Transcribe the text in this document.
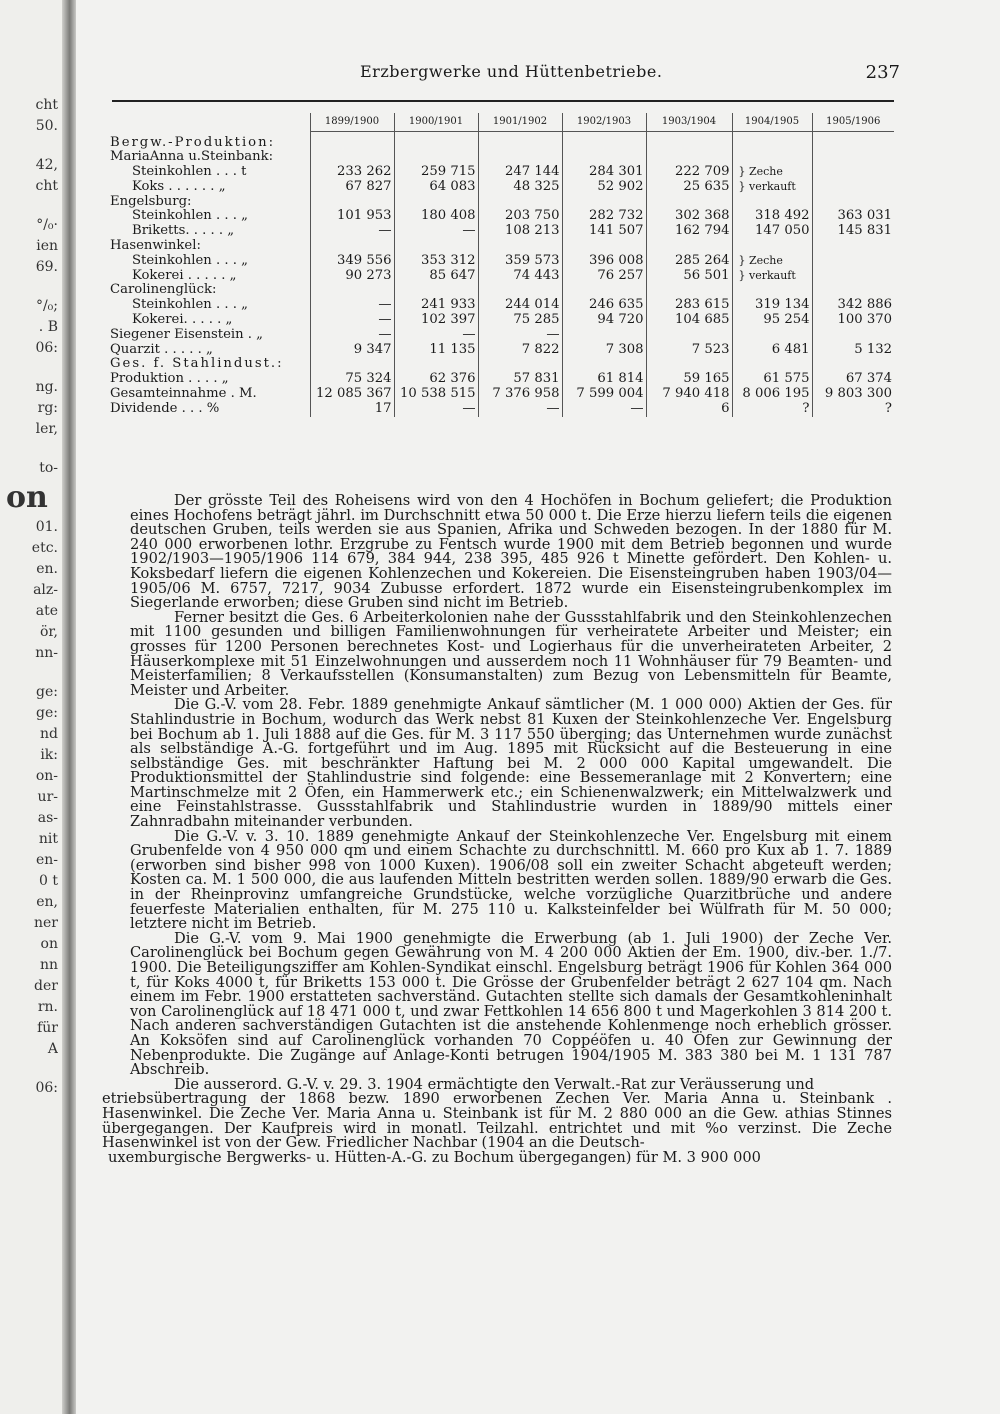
cht
50.
42,
cht
°/₀·
ien
69.
°/₀;
. B
06:
ng.
rg:
ler,
to-
on
01.
etc.
en.
alz-
ate
ör,
nn-
ge:
ge:
nd
ik:
on-
ur-
as-
nit
en-
0 t
en,
ner
on
nn
der
rn.
für
A
06:
Erzbergwerke und Hüttenbetriebe.	237
	1899/1900	1900/1901	1901/1902	1902/1903	1903/1904	1904/1905	1905/1906
Bergw.-Produktion:							
MariaAnna u.Steinbank:							
Steinkohlen . . . t	233 262	259 715	247 144	284 301	222 709	} Zeche	
Koks . . . . . . „	67 827	64 083	48 325	52 902	25 635	} verkauft	
Engelsburg:							
Steinkohlen . . . „	101 953	180 408	203 750	282 732	302 368	318 492	363 031
Briketts. . . . . „	—	—	108 213	141 507	162 794	147 050	145 831
Hasenwinkel:							
Steinkohlen . . . „	349 556	353 312	359 573	396 008	285 264	} Zeche	
Kokerei . . . . . „	90 273	85 647	74 443	76 257	56 501	} verkauft	
Carolinenglück:							
Steinkohlen . . . „	—	241 933	244 014	246 635	283 615	319 134	342 886
Kokerei. . . . . „	—	102 397	75 285	94 720	104 685	95 254	100 370
Siegener Eisenstein . „	—	—	—				
Quarzit . . . . . „	9 347	11 135	7 822	7 308	7 523	6 481	5 132
Ges. f. Stahlindust.:							
Produktion . . . . „	75 324	62 376	57 831	61 814	59 165	61 575	67 374
Gesamteinnahme . M.	12 085 367	10 538 515	7 376 958	7 599 004	7 940 418	8 006 195	9 803 300
Dividende . . . %	17	—	—	—	6	?	?

Der grösste Teil des Roheisens wird von den 4 Hochöfen in Bochum geliefert; die Produktion eines Hochofens beträgt jährl. im Durchschnitt etwa 50 000 t. Die Erze hierzu liefern teils die eigenen deutschen Gruben, teils werden sie aus Spanien, Afrika und Schweden bezogen. In der 1880 für M. 240 000 erworbenen lothr. Erzgrube zu Fentsch wurde 1900 mit dem Betrieb begonnen und wurde 1902/1903—1905/1906 114 679, 384 944, 238 395, 485 926 t Minette gefördert. Den Kohlen- u. Koksbedarf liefern die eigenen Kohlenzechen und Kokereien. Die Eisensteingruben haben 1903/04—1905/06 M. 6757, 7217, 9034 Zubusse erfordert. 1872 wurde ein Eisensteingrubenkomplex im Siegerlande erworben; diese Gruben sind nicht im Betrieb.

Ferner besitzt die Ges. 6 Arbeiterkolonien nahe der Gussstahlfabrik und den Steinkohlenzechen mit 1100 gesunden und billigen Familienwohnungen für verheiratete Arbeiter und Meister; ein grosses für 1200 Personen berechnetes Kost- und Logierhaus für die unverheirateten Arbeiter, 2 Häuserkomplexe mit 51 Einzelwohnungen und ausserdem noch 11 Wohnhäuser für 79 Beamten- und Meisterfamilien; 8 Verkaufsstellen (Konsumanstalten) zum Bezug von Lebensmitteln für Beamte, Meister und Arbeiter.

Die G.-V. vom 28. Febr. 1889 genehmigte Ankauf sämtlicher (M. 1 000 000) Aktien der Ges. für Stahlindustrie in Bochum, wodurch das Werk nebst 81 Kuxen der Steinkohlenzeche Ver. Engelsburg bei Bochum ab 1. Juli 1888 auf die Ges. für M. 3 117 550 überging; das Unternehmen wurde zunächst als selbständige A.-G. fortgeführt und im Aug. 1895 mit Rücksicht auf die Besteuerung in eine selbständige Ges. mit beschränkter Haftung bei M. 2 000 000 Kapital umgewandelt. Die Produktionsmittel der Stahlindustrie sind folgende: eine Bessemeranlage mit 2 Konvertern; eine Martinschmelze mit 2 Öfen, ein Hammerwerk etc.; ein Schienenwalzwerk; ein Mittelwalzwerk und eine Feinstahlstrasse. Gussstahlfabrik und Stahlindustrie wurden in 1889/90 mittels einer Zahnradbahn miteinander verbunden.

Die G.-V. v. 3. 10. 1889 genehmigte Ankauf der Steinkohlenzeche Ver. Engelsburg mit einem Grubenfelde von 4 950 000 qm und einem Schachte zu durchschnittl. M. 660 pro Kux ab 1. 7. 1889 (erworben sind bisher 998 von 1000 Kuxen). 1906/08 soll ein zweiter Schacht abgeteuft werden; Kosten ca. M. 1 500 000, die aus laufenden Mitteln bestritten werden sollen. 1889/90 erwarb die Ges. in der Rheinprovinz umfangreiche Grundstücke, welche vorzügliche Quarzitbrüche und andere feuerfeste Materialien enthalten, für M. 275 110 u. Kalksteinfelder bei Wülfrath für M. 50 000; letztere nicht im Betrieb.

Die G.-V. vom 9. Mai 1900 genehmigte die Erwerbung (ab 1. Juli 1900) der Zeche Ver. Carolinenglück bei Bochum gegen Gewährung von M. 4 200 000 Aktien der Em. 1900, div.-ber. 1./7. 1900. Die Beteiligungsziffer am Kohlen-Syndikat einschl. Engelsburg beträgt 1906 für Kohlen 364 000 t, für Koks 4000 t, für Briketts 153 000 t. Die Grösse der Grubenfelder beträgt 2 627 104 qm. Nach einem im Febr. 1900 erstatteten sachverständ. Gutachten stellte sich damals der Gesamtkohleninhalt von Carolinenglück auf 18 471 000 t, und zwar Fettkohlen 14 656 800 t und Magerkohlen 3 814 200 t. Nach anderen sachverständigen Gutachten ist die anstehende Kohlenmenge noch erheblich grösser. An Koksöfen sind auf Carolinenglück vorhanden 70 Coppéöfen u. 40 Öfen zur Gewinnung der Nebenprodukte. Die Zugänge auf Anlage-Konti betrugen 1904/1905 M. 383 380 bei M. 1 131 787 Abschreib.

Die ausserord. G.-V. v. 29. 3. 1904 ermächtigte den Verwalt.-Rat zur Veräusserung und

etriebsübertragung der 1868 bezw. 1890 erworbenen Zechen Ver. Maria Anna u. Steinbank . Hasenwinkel. Die Zeche Ver. Maria Anna u. Steinbank ist für M. 2 880 000 an die Gew. athias Stinnes übergegangen. Der Kaufpreis wird in monatl. Teilzahl. entrichtet und mit %o verzinst. Die Zeche Hasenwinkel ist von der Gew. Friedlicher Nachbar (1904 an die Deutsch-

uxemburgische Bergwerks- u. Hütten-A.-G. zu Bochum übergegangen) für M. 3 900 000
